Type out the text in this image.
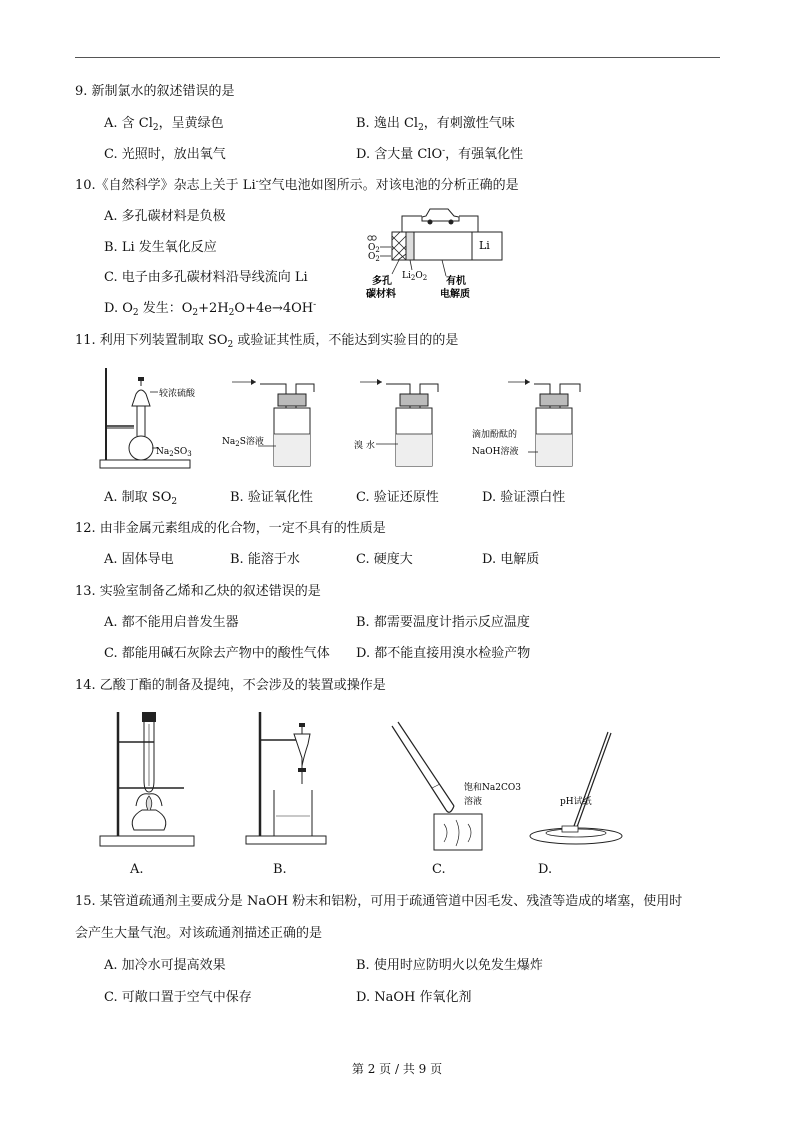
9. 新制氯水的叙述错误的是
A. 含 $Cl_2$，呈黄绿色	B. 逸出 $Cl_2$，有刺激性气味
C. 光照时，放出氧气	D. 含大量 ClO-，有强氧化性
10.《自然科学》杂志上关于 Li-空气电池如图所示。对该电池的分析正确的是
A. 多孔碳材料是负极
B. Li 发生氧化反应
C. 电子由多孔碳材料沿导线流向 Li
D. $O_2$ 发生：$O_2+2H_2O+4e\to 4OH^-$
Li
$O_2$
$O_2$
$Li_2O_2$
多孔
碳材料
有机
电解质
11. 利用下列装置制取 $SO_2$ 或验证其性质，不能达到实验目的的是
较浓硫酸
$Na_2SO_3$
$Na_2S$溶液	溴 水
滴加酚酞的
NaOH溶液
A. 制取 $SO_2$	B. 验证氧化性	C. 验证还原性	D. 验证漂白性
12. 由非金属元素组成的化合物，一定不具有的性质是
A. 固体导电	B. 能溶于水	C. 硬度大	D. 电解质
13. 实验室制备乙烯和乙炔的叙述错误的是
A. 都不能用启普发生器	B. 都需要温度计指示反应温度
C. 都能用碱石灰除去产物中的酸性气体 D. 都不能直接用溴水检验产物
14. 乙酸丁酯的制备及提纯，不会涉及的装置或操作是
饱和Na2CO3
溶液	pH试纸
A.	B.	C.	D.
15. 某管道疏通剂主要成分是 NaOH 粉末和铝粉，可用于疏通管道中因毛发、残渣等造成的堵塞，使用时
会产生大量气泡。对该疏通剂描述正确的是
A. 加冷水可提高效果	B. 使用时应防明火以免发生爆炸
C. 可敞口置于空气中保存	D. NaOH 作氧化剂
第 2 页 / 共 9 页
